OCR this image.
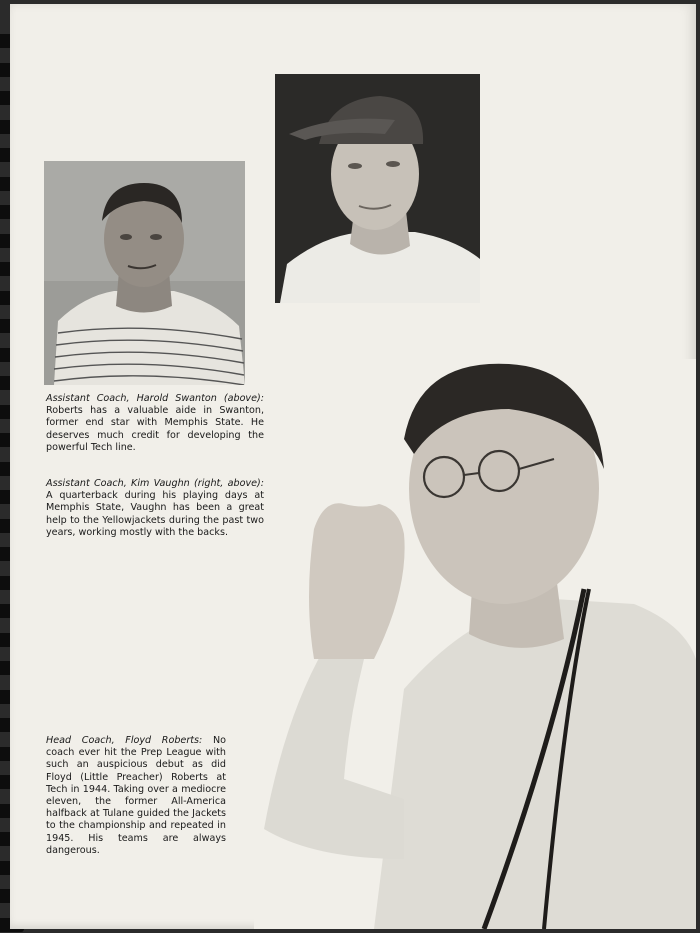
Assistant Coach, Harold Swanton (above): Roberts has a valuable aide in Swanton, former end star with Memphis State. He deserves much credit for developing the powerful Tech line.

Assistant Coach, Kim Vaughn (right, above): A quarterback during his playing days at Memphis State, Vaughn has been a great help to the Yellowjackets during the past two years, working mostly with the backs.

Head Coach, Floyd Roberts: No coach ever hit the Prep League with such an auspicious debut as did Floyd (Little Preacher) Roberts at Tech in 1944. Taking over a mediocre eleven, the former All-America halfback at Tulane guided the Jackets to the championship and repeated in 1945. His teams are always dangerous.
